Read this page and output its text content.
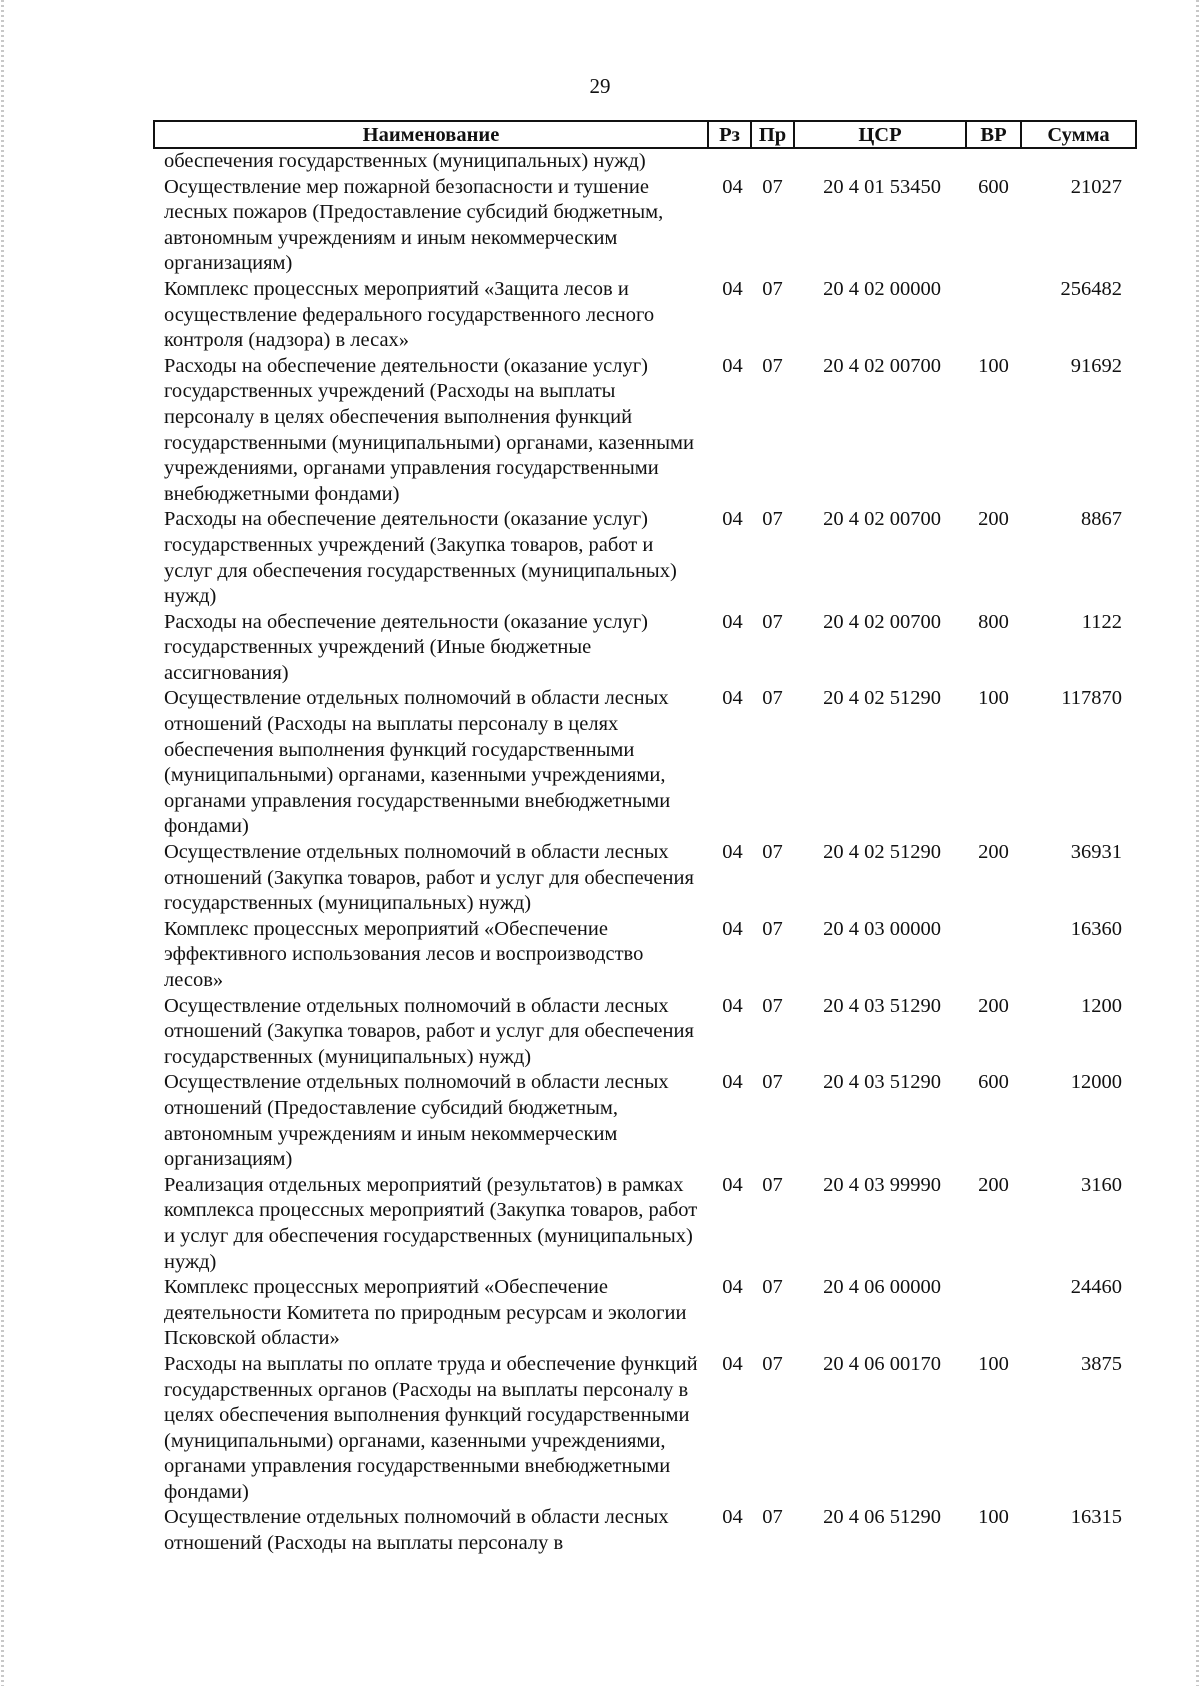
29
Наименование	Рз	Пр	ЦСР	ВР	Сумма
обеспечения государственных (муниципальных) нужд)					
Осуществление мер пожарной безопасности и тушение лесных пожаров (Предоставление субсидий бюджетным, автономным учреждениям и иным некоммерческим организациям)	04	07	20 4 01 53450	600	21027
Комплекс процессных мероприятий «Защита лесов и осуществление федерального государственного лесного контроля (надзора) в лесах»	04	07	20 4 02 00000		256482
Расходы на обеспечение деятельности (оказание услуг) государственных учреждений (Расходы на выплаты персоналу в целях обеспечения выполнения функций государственными (муниципальными) органами, казенными учреждениями, органами управления государственными внебюджетными фондами)	04	07	20 4 02 00700	100	91692
Расходы на обеспечение деятельности (оказание услуг) государственных учреждений (Закупка товаров, работ и услуг для обеспечения государственных (муниципальных) нужд)	04	07	20 4 02 00700	200	8867
Расходы на обеспечение деятельности (оказание услуг) государственных учреждений (Иные бюджетные ассигнования)	04	07	20 4 02 00700	800	1122
Осуществление отдельных полномочий в области лесных отношений (Расходы на выплаты персоналу в целях обеспечения выполнения функций государственными (муниципальными) органами, казенными учреждениями, органами управления государственными внебюджетными фондами)	04	07	20 4 02 51290	100	117870
Осуществление отдельных полномочий в области лесных отношений (Закупка товаров, работ и услуг для обеспечения государственных (муниципальных) нужд)	04	07	20 4 02 51290	200	36931
Комплекс процессных мероприятий «Обеспечение эффективного использования лесов и воспроизводство лесов»	04	07	20 4 03 00000		16360
Осуществление отдельных полномочий в области лесных отношений (Закупка товаров, работ и услуг для обеспечения государственных (муниципальных) нужд)	04	07	20 4 03 51290	200	1200
Осуществление отдельных полномочий в области лесных отношений (Предоставление субсидий бюджетным, автономным учреждениям и иным некоммерческим организациям)	04	07	20 4 03 51290	600	12000
Реализация отдельных мероприятий (результатов) в рамках комплекса процессных мероприятий (Закупка товаров, работ и услуг для обеспечения государственных (муниципальных) нужд)	04	07	20 4 03 99990	200	3160
Комплекс процессных мероприятий «Обеспечение деятельности Комитета по природным ресурсам и экологии Псковской области»	04	07	20 4 06 00000		24460
Расходы на выплаты по оплате труда и обеспечение функций государственных органов (Расходы на выплаты персоналу в целях обеспечения выполнения функций государственными (муниципальными) органами, казенными учреждениями, органами управления государственными внебюджетными фондами)	04	07	20 4 06 00170	100	3875
Осуществление отдельных полномочий в области лесных отношений (Расходы на выплаты персоналу в	04	07	20 4 06 51290	100	16315
